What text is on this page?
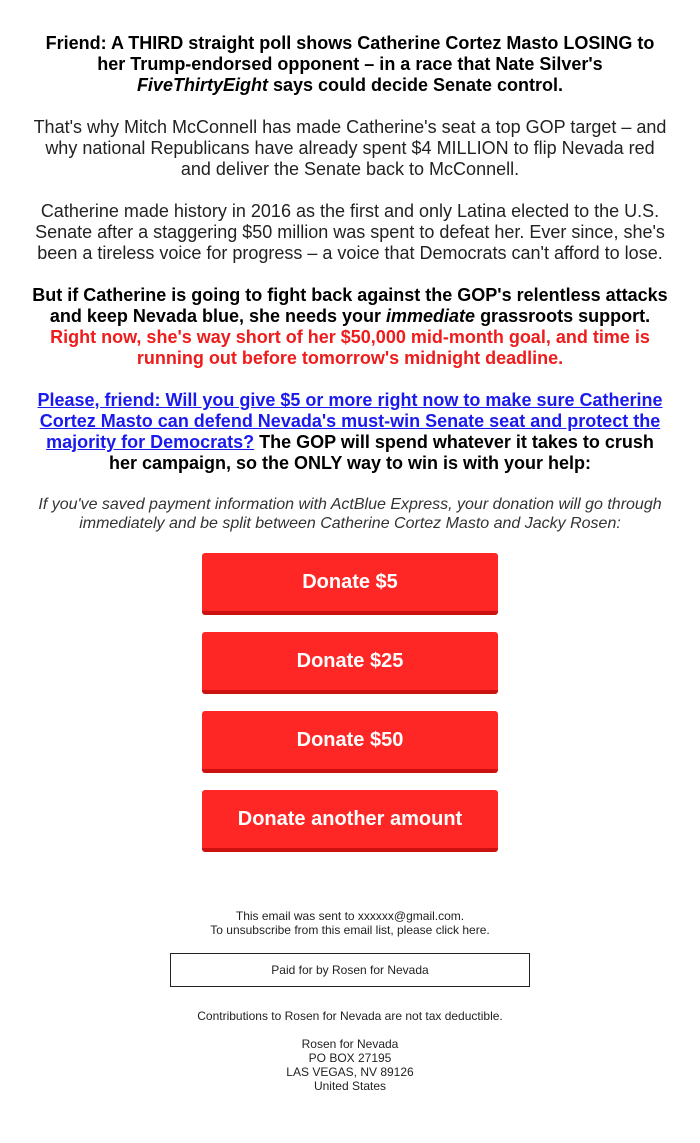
Friend: A THIRD straight poll shows Catherine Cortez Masto LOSING to her Trump-endorsed opponent – in a race that Nate Silver's FiveThirtyEight says could decide Senate control.

That's why Mitch McConnell has made Catherine's seat a top GOP target – and why national Republicans have already spent $4 MILLION to flip Nevada red and deliver the Senate back to McConnell.

Catherine made history in 2016 as the first and only Latina elected to the U.S. Senate after a staggering $50 million was spent to defeat her. Ever since, she's been a tireless voice for progress – a voice that Democrats can't afford to lose.

But if Catherine is going to fight back against the GOP's relentless attacks and keep Nevada blue, she needs your immediate grassroots support. Right now, she's way short of her $50,000 mid-month goal, and time is running out before tomorrow's midnight deadline.

Please, friend: Will you give $5 or more right now to make sure Catherine Cortez Masto can defend Nevada's must-win Senate seat and protect the majority for Democrats? The GOP will spend whatever it takes to crush her campaign, so the ONLY way to win is with your help:

If you've saved payment information with ActBlue Express, your donation will go through immediately and be split between Catherine Cortez Masto and Jacky Rosen:

Donate $5
Donate $25
Donate $50
Donate another amount
This email was sent to xxxxxx@gmail.com.
To unsubscribe from this email list, please click here.
Paid for by Rosen for Nevada
Contributions to Rosen for Nevada are not tax deductible.
Rosen for Nevada
PO BOX 27195
LAS VEGAS, NV 89126
United States
